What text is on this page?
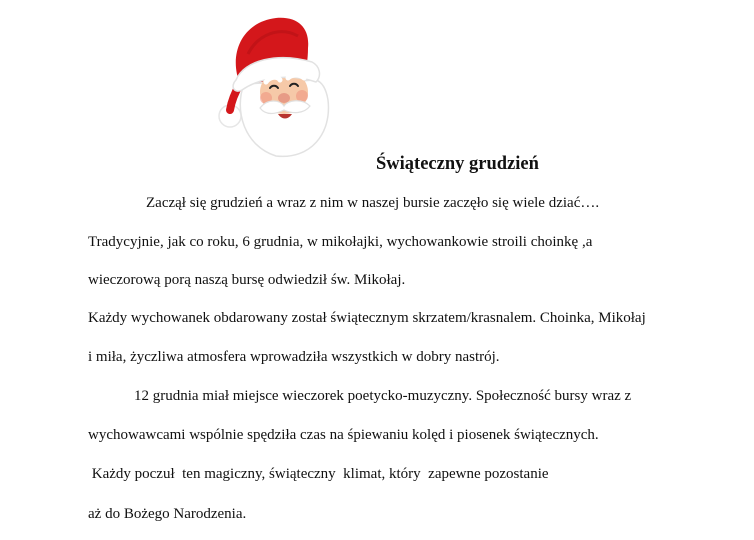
Świąteczny grudzień

Zaczął się grudzień a wraz z nim w naszej bursie zaczęło się wiele dziać….

Tradycyjnie, jak co roku, 6 grudnia, w mikołajki, wychowankowie stroili choinkę ,a

wieczorową porą naszą bursę odwiedził św. Mikołaj.

Każdy wychowanek obdarowany został świątecznym skrzatem/krasnalem. Choinka, Mikołaj

i miła, życzliwa atmosfera wprowadziła wszystkich w dobry nastrój.

12 grudnia miał miejsce wieczorek poetycko-muzyczny. Społeczność bursy wraz z

wychowawcami wspólnie spędziła czas na śpiewaniu kolęd i piosenek świątecznych.

Każdy poczuł  ten magiczny, świąteczny  klimat, który  zapewne pozostanie

aż do Bożego Narodzenia.
